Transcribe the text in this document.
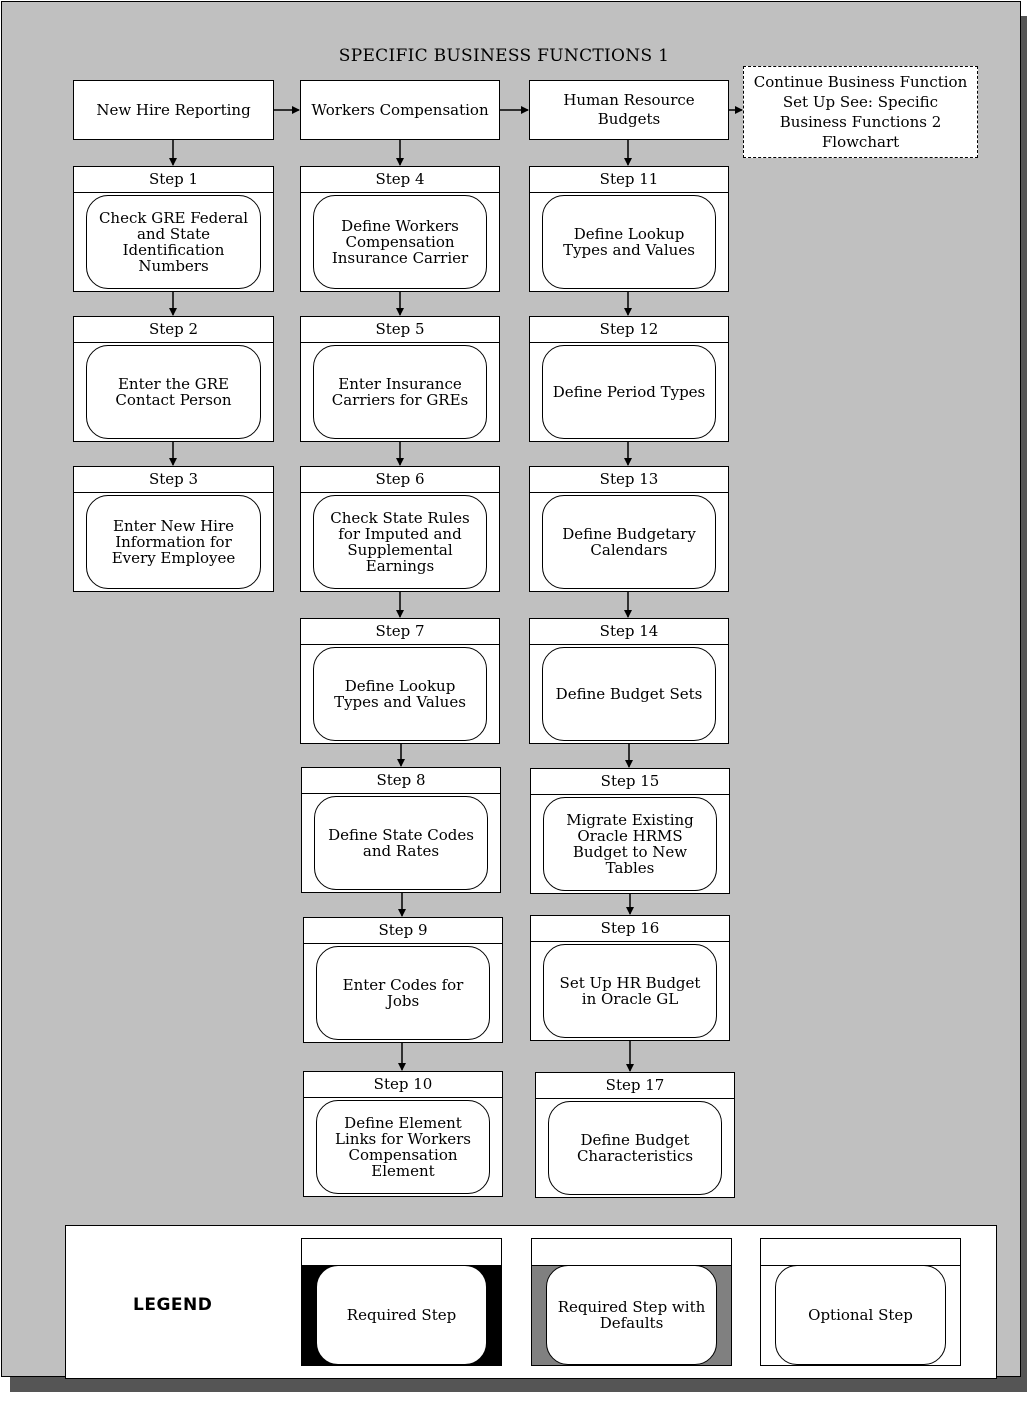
SPECIFIC BUSINESS FUNCTIONS 1
New Hire Reporting	Workers Compensation
Human Resource Budgets
Continue Business Function Set Up See: Specific Business Functions 2 Flowchart
Step 1
Check GRE Federal and State Identification Numbers
Step 2
Enter the GRE Contact Person
Step 3
Enter New Hire Information for Every Employee
Step 4
Define Workers Compensation Insurance Carrier
Step 5
Enter Insurance Carriers for GREs
Step 6
Check State Rules for Imputed and Supplemental Earnings
Step 7
Define Lookup Types and Values
Step 8
Define State Codes and Rates
Step 9
Enter Codes for Jobs
Step 10
Define Element Links for Workers Compensation Element
Step 11
Define Lookup Types and Values
Step 12
Define Period Types
Step 13
Define Budgetary Calendars
Step 14
Define Budget Sets
Step 15
Migrate Existing Oracle HRMS Budget to New Tables
Step 16
Set Up HR Budget in Oracle GL
Step 17
Define Budget Characteristics
LEGEND	Required Step	Required Step with Defaults	Optional Step
